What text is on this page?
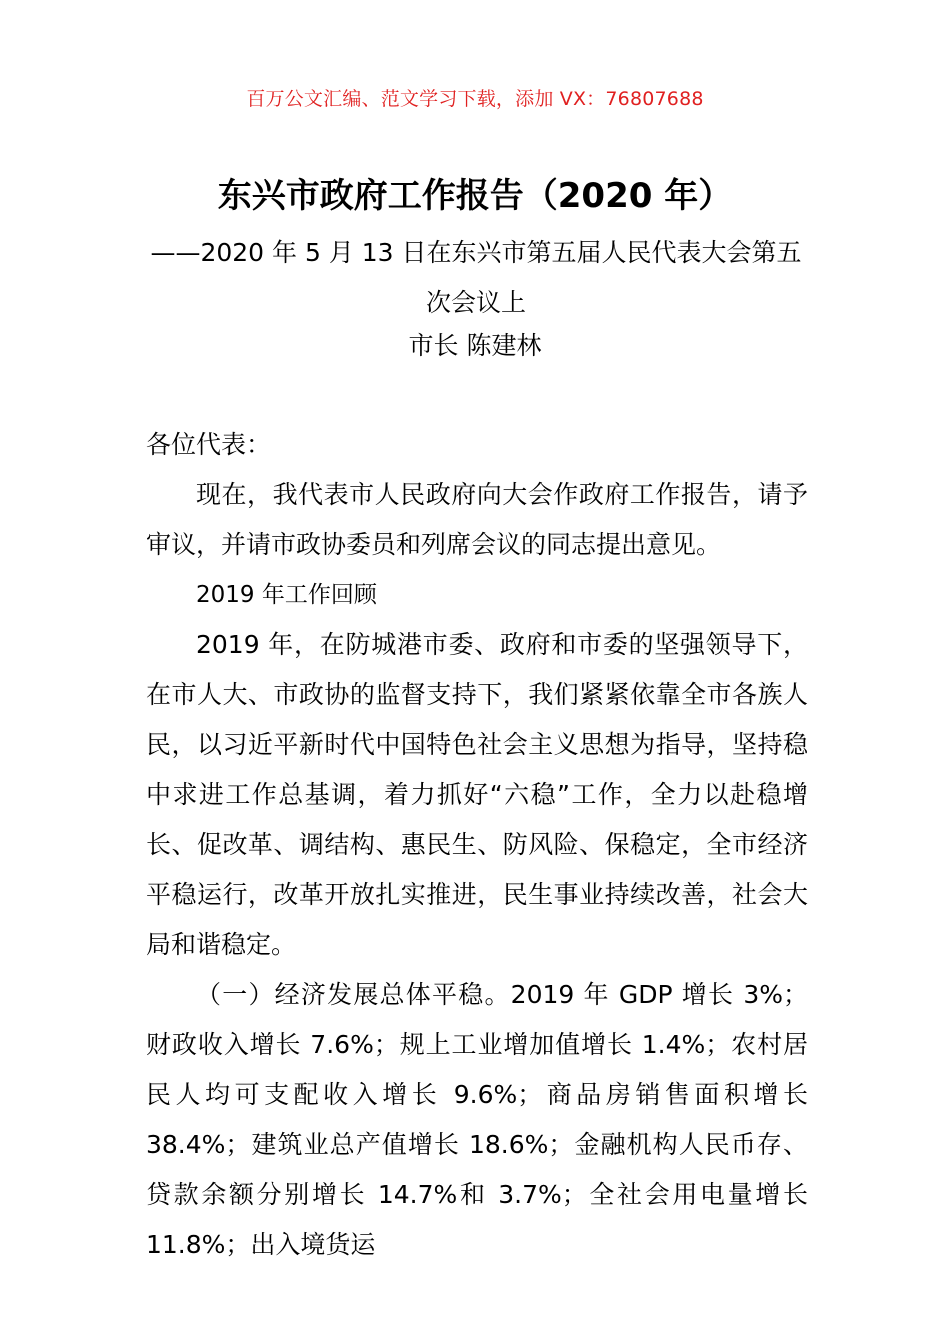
百万公文汇编、范文学习下载，添加 VX：76807688
东兴市政府工作报告（2020 年）
——2020 年 5 月 13 日在东兴市第五届人民代表大会第五次会议上
市长 陈建林

各位代表：

现在，我代表市人民政府向大会作政府工作报告，请予审议，并请市政协委员和列席会议的同志提出意见。

2019 年工作回顾

2019 年，在防城港市委、政府和市委的坚强领导下，在市人大、市政协的监督支持下，我们紧紧依靠全市各族人民，以习近平新时代中国特色社会主义思想为指导，坚持稳中求进工作总基调，着力抓好“六稳”工作，全力以赴稳增长、促改革、调结构、惠民生、防风险、保稳定，全市经济平稳运行，改革开放扎实推进，民生事业持续改善，社会大局和谐稳定。

（一）经济发展总体平稳。2019 年 GDP 增长 3%；财政收入增长 7.6%；规上工业增加值增长 1.4%；农村居民人均可支配收入增长 9.6%；商品房销售面积增长 38.4%；建筑业总产值增长 18.6%；金融机构人民币存、贷款余额分别增长 14.7%和 3.7%；全社会用电量增长 11.8%；出入境货运
